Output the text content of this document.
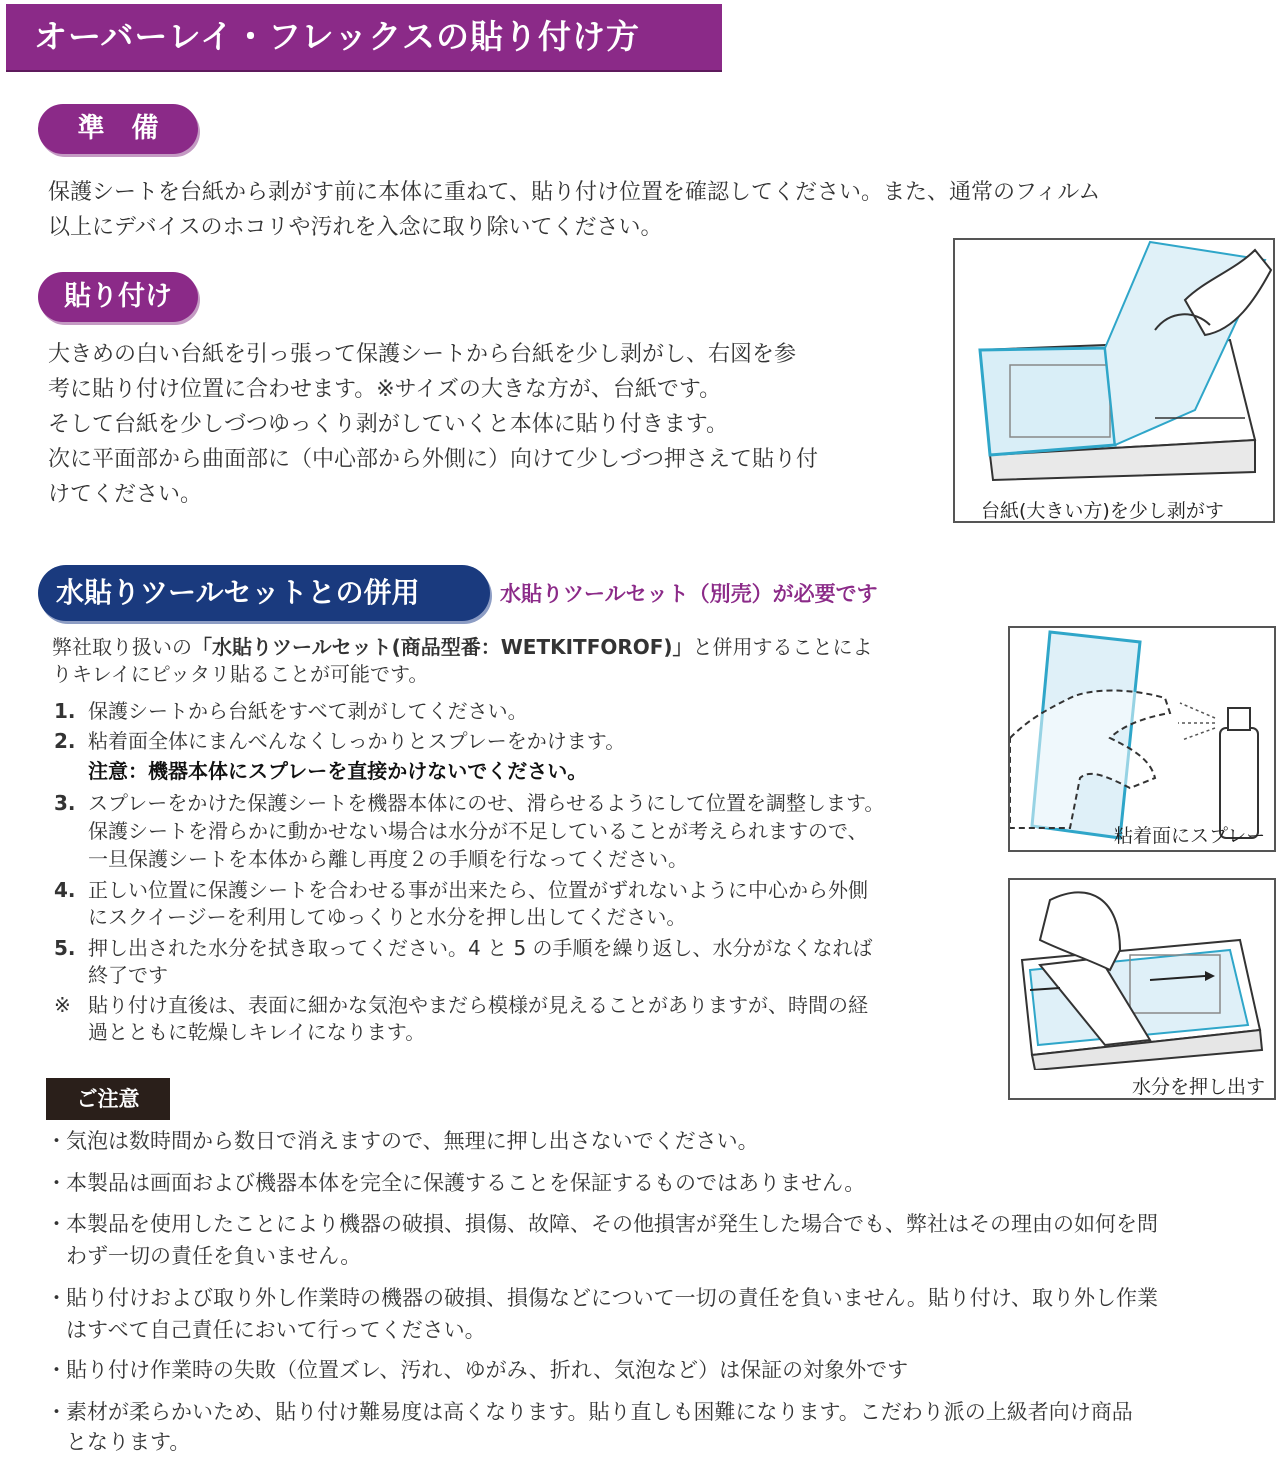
オーバーレイ・フレックスの貼り付け方
準　備

保護シートを台紙から剥がす前に本体に重ねて、貼り付け位置を確認してください。また、通常のフィルム

以上にデバイスのホコリや汚れを入念に取り除いてください。

貼り付け

大きめの白い台紙を引っ張って保護シートから台紙を少し剥がし、右図を参

考に貼り付け位置に合わせます。※サイズの大きな方が、台紙です。

そして台紙を少しづつゆっくり剥がしていくと本体に貼り付きます。

次に平面部から曲面部に（中心部から外側に）向けて少しづつ押さえて貼り付

けてください。

台紙(大きい方)を少し剥がす
水貼りツールセットとの併用	水貼りツールセット（別売）が必要です
弊社取り扱いの「水貼りツールセット(商品型番：WETKITFOROF)」と併用することによ
りキレイにピッタリ貼ることが可能です。
1. 保護シートから台紙をすべて剥がしてください。
2. 粘着面全体にまんべんなくしっかりとスプレーをかけます。
注意：機器本体にスプレーを直接かけないでください。
3. スプレーをかけた保護シートを機器本体にのせ、滑らせるようにして位置を調整します。
保護シートを滑らかに動かせない場合は水分が不足していることが考えられますので、
一旦保護シートを本体から離し再度２の手順を行なってください。
4. 正しい位置に保護シートを合わせる事が出来たら、位置がずれないように中心から外側
にスクイージーを利用してゆっくりと水分を押し出してください。
5. 押し出された水分を拭き取ってください。4 と 5 の手順を繰り返し、水分がなくなれば
終了です
※ 貼り付け直後は、表面に細かな気泡やまだら模様が見えることがありますが、時間の経
過とともに乾燥しキレイになります。
粘着面にスプレー
水分を押し出す
ご注意
・ 気泡は数時間から数日で消えますので、無理に押し出さないでください。
・ 本製品は画面および機器本体を完全に保護することを保証するものではありません。
・ 本製品を使用したことにより機器の破損、損傷、故障、その他損害が発生した場合でも、弊社はその理由の如何を問
わず一切の責任を負いません。
・ 貼り付けおよび取り外し作業時の機器の破損、損傷などについて一切の責任を負いません。貼り付け、取り外し作業
はすべて自己責任において行ってください。
・ 貼り付け作業時の失敗（位置ズレ、汚れ、ゆがみ、折れ、気泡など）は保証の対象外です
・ 素材が柔らかいため、貼り付け難易度は高くなります。貼り直しも困難になります。こだわり派の上級者向け商品
となります。
